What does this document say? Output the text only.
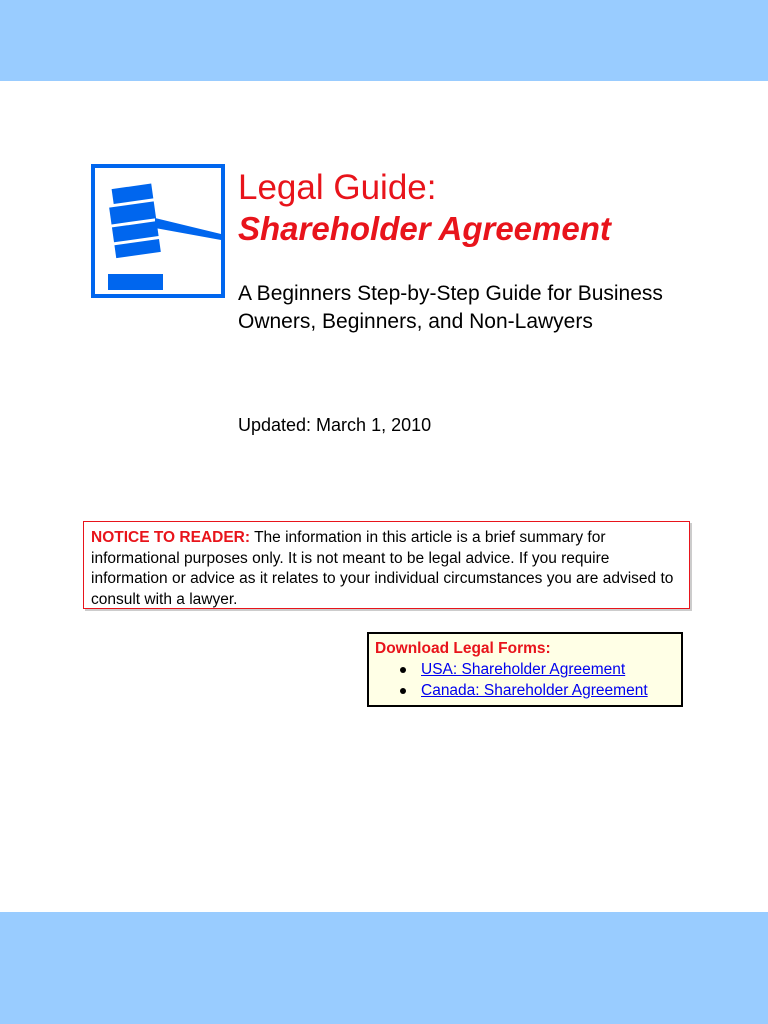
Legal Guide:
Shareholder Agreement
A Beginners Step-by-Step Guide for Business Owners, Beginners, and Non-Lawyers
Updated: March 1, 2010
NOTICE TO READER: The information in this article is a brief summary for informational purposes only. It is not meant to be legal advice. If you require information or advice as it relates to your individual circumstances you are advised to consult with a lawyer.
Download Legal Forms:
USA: Shareholder Agreement
Canada: Shareholder Agreement
